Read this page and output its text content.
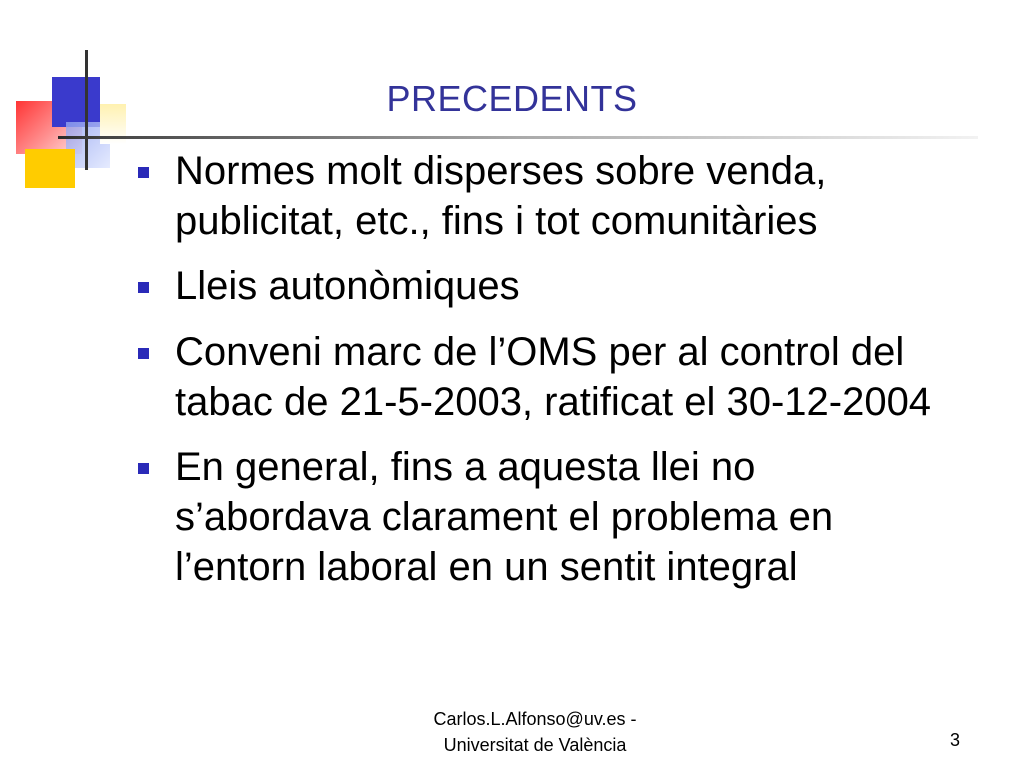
PRECEDENTS
Normes molt disperses sobre venda, publicitat, etc., fins i tot comunitàries
Lleis autonòmiques
Conveni marc de l’OMS per al control del tabac de 21-5-2003, ratificat el 30-12-2004
En general, fins a aquesta llei no s’abordava clarament el problema en l’entorn laboral en un sentit integral
Carlos.L.Alfonso@uv.es -
Universitat de València	3
